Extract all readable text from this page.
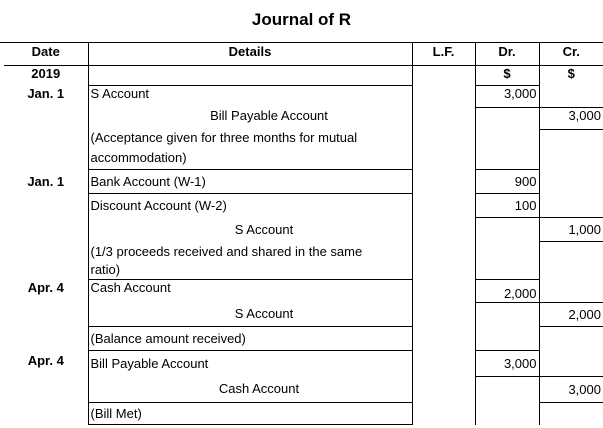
Journal of R
Date	Details	L.F.	Dr.	Cr.
2019			$	$
Jan. 1	S Account		3,000	
	Bill Payable Account			3,000
	(Acceptance given for three months for mutual			
	accommodation)			
Jan. 1	Bank Account (W-1)		900	
	Discount Account (W-2)		100	
	S Account			1,000
	(1/3 proceeds received and shared in the same			
	ratio)			
Apr. 4	Cash Account		2,000	
	S Account			2,000
	(Balance amount received)			
Apr. 4	Bill Payable Account		3,000	
	Cash Account			3,000
	(Bill Met)			
